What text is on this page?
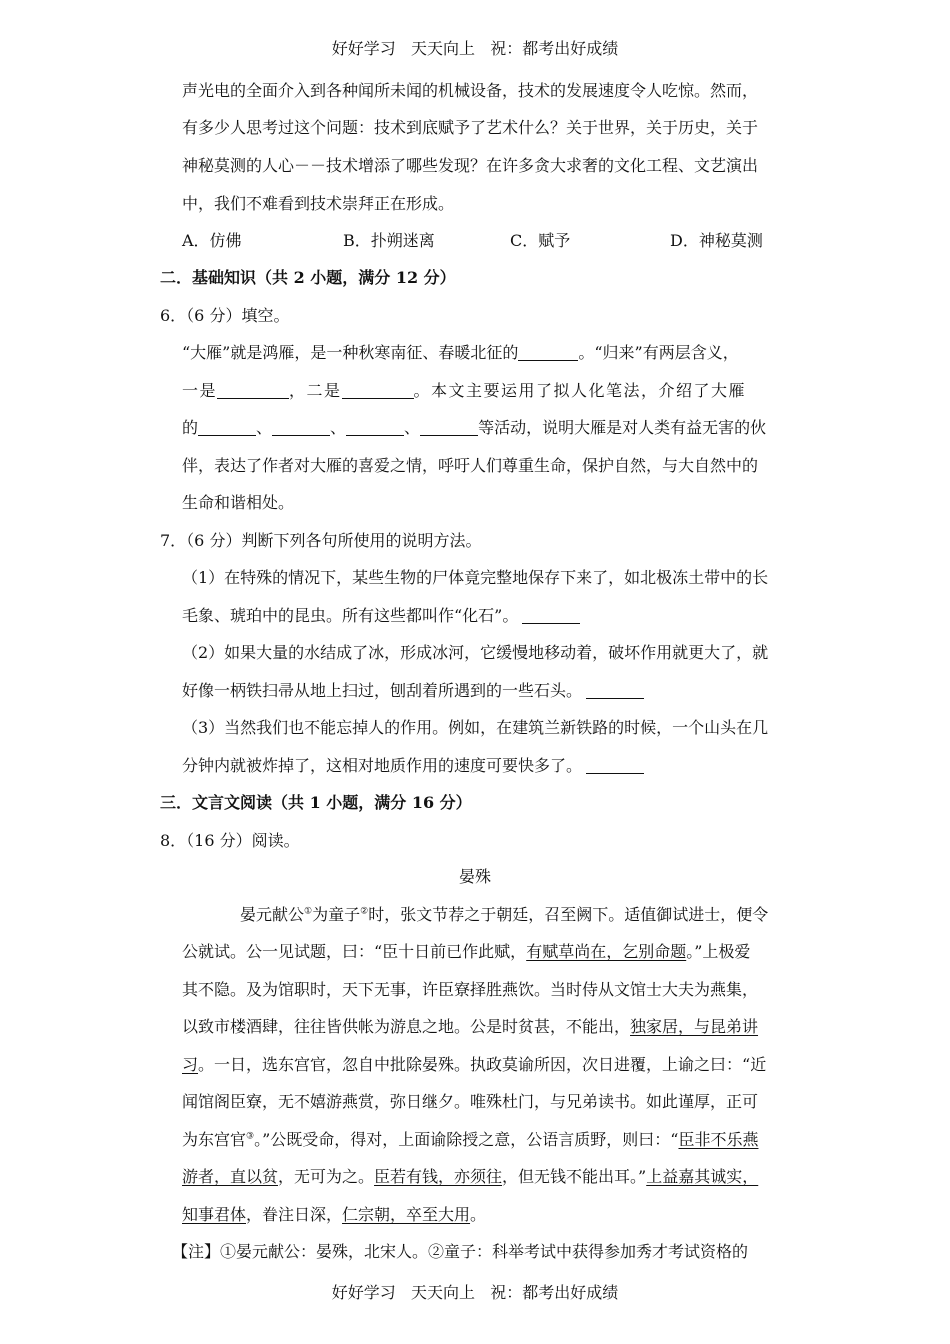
好好学习   天天向上   祝：都考出好成绩
声光电的全面介入到各种闻所未闻的机械设备，技术的发展速度令人吃惊。然而，
有多少人思考过这个问题：技术到底赋予了艺术什么？关于世界，关于历史，关于
神秘莫测的人心－－技术增添了哪些发现？在许多贪大求奢的文化工程、文艺演出
中，我们不难看到技术崇拜正在形成。
A．仿佛	B．扑朔迷离	C．赋予	D．神秘莫测
二．基础知识（共 2 小题，满分 12 分）
6．（6 分）填空。
“大雁”就是鸿雁，是一种秋寒南征、春暖北征的	。“归来”有两层含义，
一是	，二是	。本文主要运用了拟人化笔法，介绍了大雁
的	、	、	、	等活动，说明大雁是对人类有益无害的伙
伴，表达了作者对大雁的喜爱之情，呼吁人们尊重生命，保护自然，与大自然中的
生命和谐相处。
7．（6 分）判断下列各句所使用的说明方法。
（1）在特殊的情况下，某些生物的尸体竟完整地保存下来了，如北极冻土带中的长
毛象、琥珀中的昆虫。所有这些都叫作“化石”。
（2）如果大量的水结成了冰，形成冰河，它缓慢地移动着，破坏作用就更大了，就
好像一柄铁扫帚从地上扫过，刨刮着所遇到的一些石头。
（3）当然我们也不能忘掉人的作用。例如，在建筑兰新铁路的时候，一个山头在几
分钟内就被炸掉了，这相对地质作用的速度可要快多了。
三．文言文阅读（共 1 小题，满分 16 分）
8．（16 分）阅读。
晏殊
晏元献公①为童子②时，张文节荐之于朝廷，召至阙下。适值御试进士，便令
公就试。公一见试题，曰：“臣十日前已作此赋，有赋草尚在，乞别命题。”上极爱
其不隐。及为馆职时，天下无事，许臣寮择胜燕饮。当时侍从文馆士大夫为燕集，
以致市楼酒肆，往往皆供帐为游息之地。公是时贫甚，不能出，独家居，与昆弟讲
习。一日，选东宫官，忽自中批除晏殊。执政莫谕所因，次日进覆，上谕之曰：“近
闻馆阁臣寮，无不嬉游燕赏，弥日继夕。唯殊杜门，与兄弟读书。如此谨厚，正可
为东宫官③。”公既受命，得对，上面谕除授之意，公语言质野，则曰：“臣非不乐燕
游者，直以贫，无可为之。臣若有钱，亦须往，但无钱不能出耳。”上益嘉其诚实，
知事君体，眷注日深，仁宗朝，卒至大用。
【注】①晏元献公：晏殊，北宋人。②童子：科举考试中获得参加秀才考试资格的
好好学习   天天向上   祝：都考出好成绩
